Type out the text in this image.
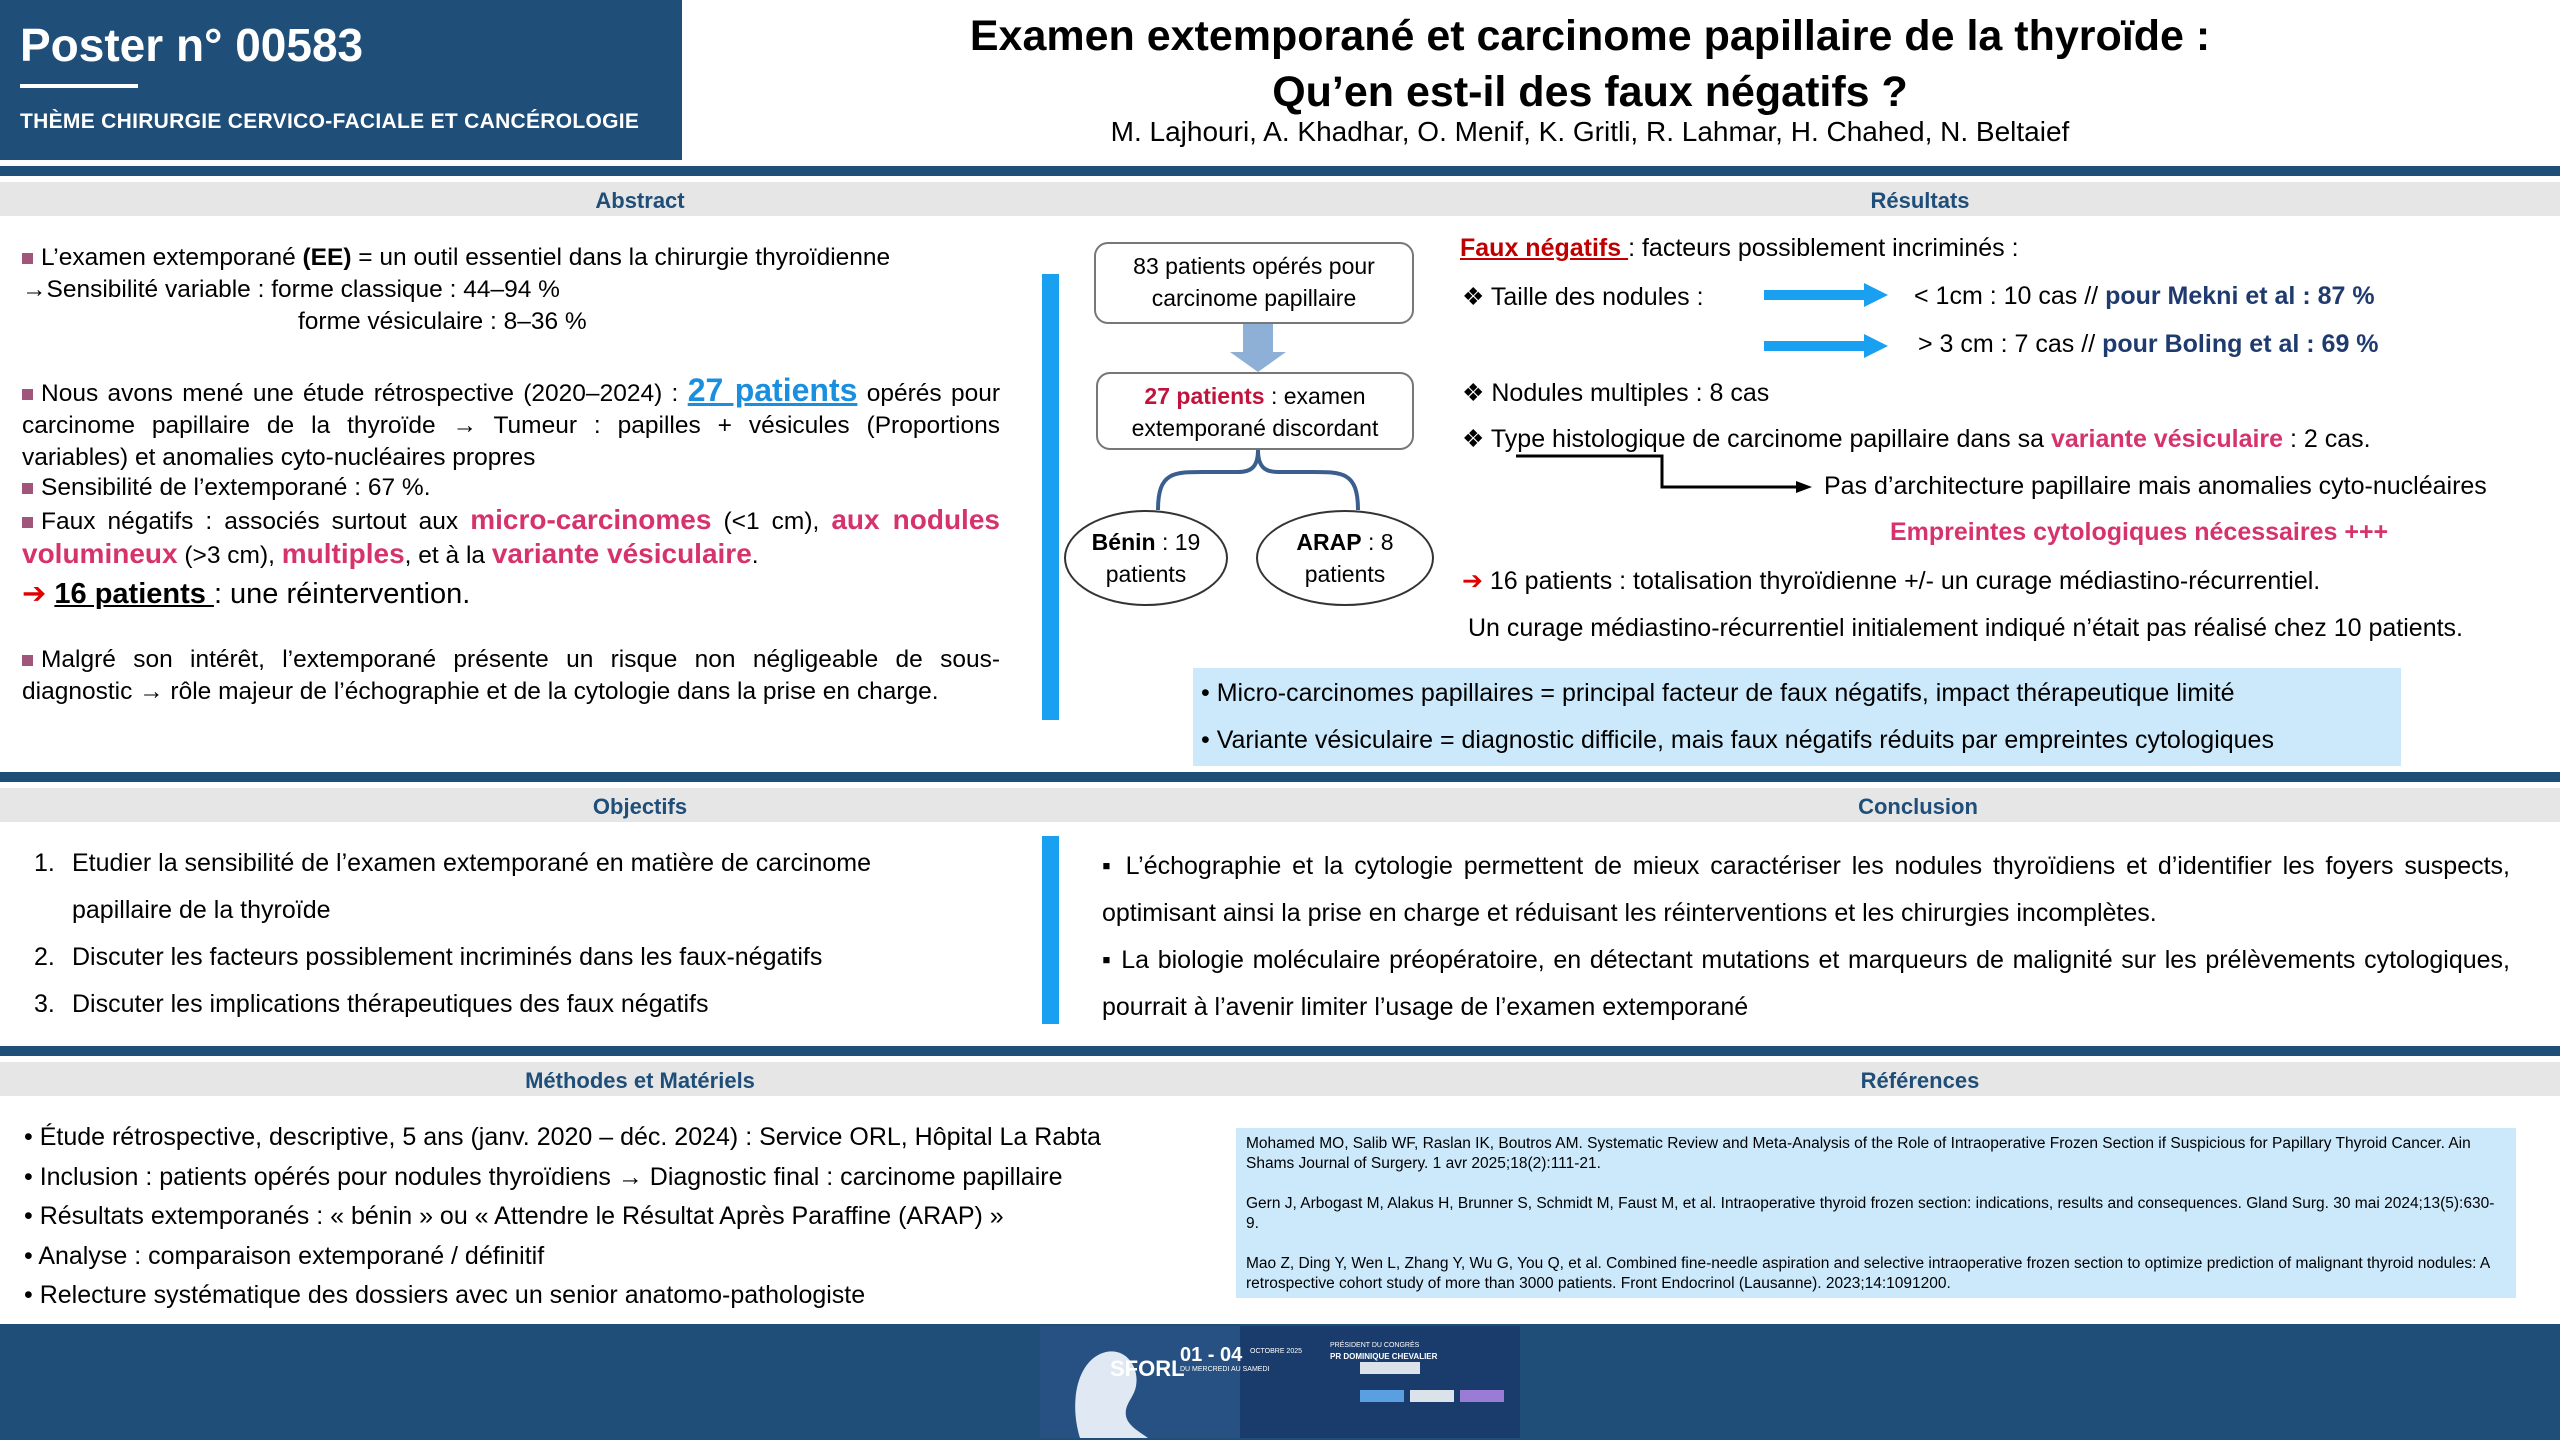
Poster n° 00583
THÈME CHIRURGIE CERVICO-FACIALE ET CANCÉROLOGIE
Examen extemporané et carcinome papillaire de la thyroïde :
Qu’en est-il des faux négatifs ?
M. Lajhouri, A. Khadhar, O. Menif, K. Gritli, R. Lahmar, H. Chahed, N. Beltaief
Abstract	Résultats
L’examen extemporané (EE) = un outil essentiel dans la chirurgie thyroïdienne
→Sensibilité variable : forme classique : 44–94 %
forme vésiculaire : 8–36 %
Nous avons mené une étude rétrospective (2020–2024) : 27 patients opérés pour carcinome papillaire de la thyroïde → Tumeur : papilles + vésicules (Proportions variables) et anomalies cyto-nucléaires propres
Sensibilité de l’extemporané : 67 %.
Faux négatifs : associés surtout aux micro-carcinomes (<1 cm), aux nodules volumineux (>3 cm), multiples, et à la variante vésiculaire.
➔ 16 patients : une réintervention.
Malgré son intérêt, l’extemporané présente un risque non négligeable de sous-diagnostic → rôle majeur de l’échographie et de la cytologie dans la prise en charge.
83 patients opérés pour carcinome papillaire
27 patients : examen extemporané discordant
Bénin : 19 patients
ARAP : 8 patients
Faux négatifs : facteurs possiblement incriminés :
❖ Taille des nodules :	< 1cm : 10 cas // pour Mekni et al : 87 %
> 3 cm : 7 cas // pour Boling et al : 69 %
❖ Nodules multiples : 8 cas
❖ Type histologique de carcinome papillaire dans sa variante vésiculaire : 2 cas.
Pas d’architecture papillaire mais anomalies cyto-nucléaires
Empreintes cytologiques nécessaires +++
➔ 16 patients : totalisation thyroïdienne +/- un curage médiastino-récurrentiel.
Un curage médiastino-récurrentiel initialement indiqué n’était pas réalisé chez 10 patients.
• Micro-carcinomes papillaires = principal facteur de faux négatifs, impact thérapeutique limité
• Variante vésiculaire = diagnostic difficile, mais faux négatifs réduits par empreintes cytologiques
Objectifs	Conclusion
1. Etudier la sensibilité de l’examen extemporané en matière de carcinome papillaire de la thyroïde
2. Discuter les facteurs possiblement incriminés dans les faux-négatifs
3. Discuter les implications thérapeutiques des faux négatifs
▪ L’échographie et la cytologie permettent de mieux caractériser les nodules thyroïdiens et d’identifier les foyers suspects, optimisant ainsi la prise en charge et réduisant les réinterventions et les chirurgies incomplètes.
▪ La biologie moléculaire préopératoire, en détectant mutations et marqueurs de malignité sur les prélèvements cytologiques, pourrait à l’avenir limiter l’usage de l’examen extemporané
Méthodes et Matériels	Références
• Étude rétrospective, descriptive, 5 ans (janv. 2020 – déc. 2024) : Service ORL, Hôpital La Rabta
• Inclusion : patients opérés pour nodules thyroïdiens → Diagnostic final : carcinome papillaire
• Résultats extemporanés : « bénin » ou « Attendre le Résultat Après Paraffine (ARAP) »
• Analyse : comparaison extemporané / définitif
• Relecture systématique des dossiers avec un senior anatomo-pathologiste
Mohamed MO, Salib WF, Raslan IK, Boutros AM. Systematic Review and Meta-Analysis of the Role of Intraoperative Frozen Section if Suspicious for Papillary Thyroid Cancer. Ain Shams Journal of Surgery. 1 avr 2025;18(2):111-21.
Gern J, Arbogast M, Alakus H, Brunner S, Schmidt M, Faust M, et al. Intraoperative thyroid frozen section: indications, results and consequences. Gland Surg. 30 mai 2024;13(5):630-9.
Mao Z, Ding Y, Wen L, Zhang Y, Wu G, You Q, et al. Combined fine-needle aspiration and selective intraoperative frozen section to optimize prediction of malignant thyroid nodules: A retrospective cohort study of more than 3000 patients. Front Endocrinol (Lausanne). 2023;14:1091200.
SFORL
01 - 04 OCTOBRE 2025
DU MERCREDI AU SAMEDI
PRÉSIDENT DU CONGRÈS
PR DOMINIQUE CHEVALIER
